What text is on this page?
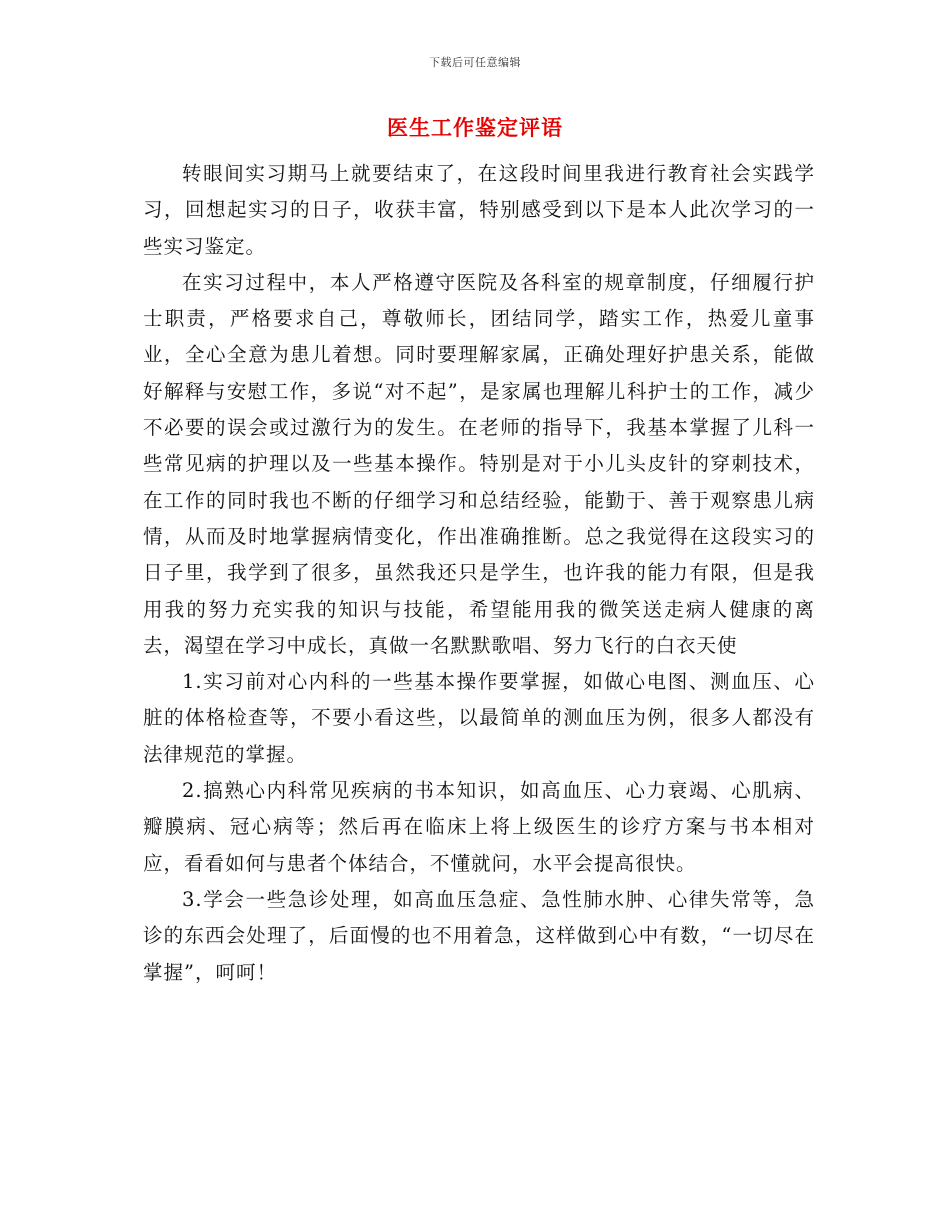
下载后可任意编辑
医生工作鉴定评语

转眼间实习期马上就要结束了，在这段时间里我进行教育社会实践学习，回想起实习的日子，收获丰富，特别感受到以下是本人此次学习的一些实习鉴定。

在实习过程中，本人严格遵守医院及各科室的规章制度，仔细履行护士职责，严格要求自己，尊敬师长，团结同学，踏实工作，热爱儿童事业，全心全意为患儿着想。同时要理解家属，正确处理好护患关系，能做好解释与安慰工作，多说“对不起”，是家属也理解儿科护士的工作，减少不必要的误会或过激行为的发生。在老师的指导下，我基本掌握了儿科一些常见病的护理以及一些基本操作。特别是对于小儿头皮针的穿刺技术，在工作的同时我也不断的仔细学习和总结经验，能勤于、善于观察患儿病情，从而及时地掌握病情变化，作出准确推断。总之我觉得在这段实习的日子里，我学到了很多，虽然我还只是学生，也许我的能力有限，但是我用我的努力充实我的知识与技能，希望能用我的微笑送走病人健康的离去，渴望在学习中成长，真做一名默默歌唱、努力飞行的白衣天使

1.实习前对心内科的一些基本操作要掌握，如做心电图、测血压、心脏的体格检查等，不要小看这些，以最简单的测血压为例，很多人都没有法律规范的掌握。

2.搞熟心内科常见疾病的书本知识，如高血压、心力衰竭、心肌病、瓣膜病、冠心病等；然后再在临床上将上级医生的诊疗方案与书本相对应，看看如何与患者个体结合，不懂就问，水平会提高很快。

3.学会一些急诊处理，如高血压急症、急性肺水肿、心律失常等，急诊的东西会处理了，后面慢的也不用着急，这样做到心中有数，“一切尽在掌握”，呵呵！
